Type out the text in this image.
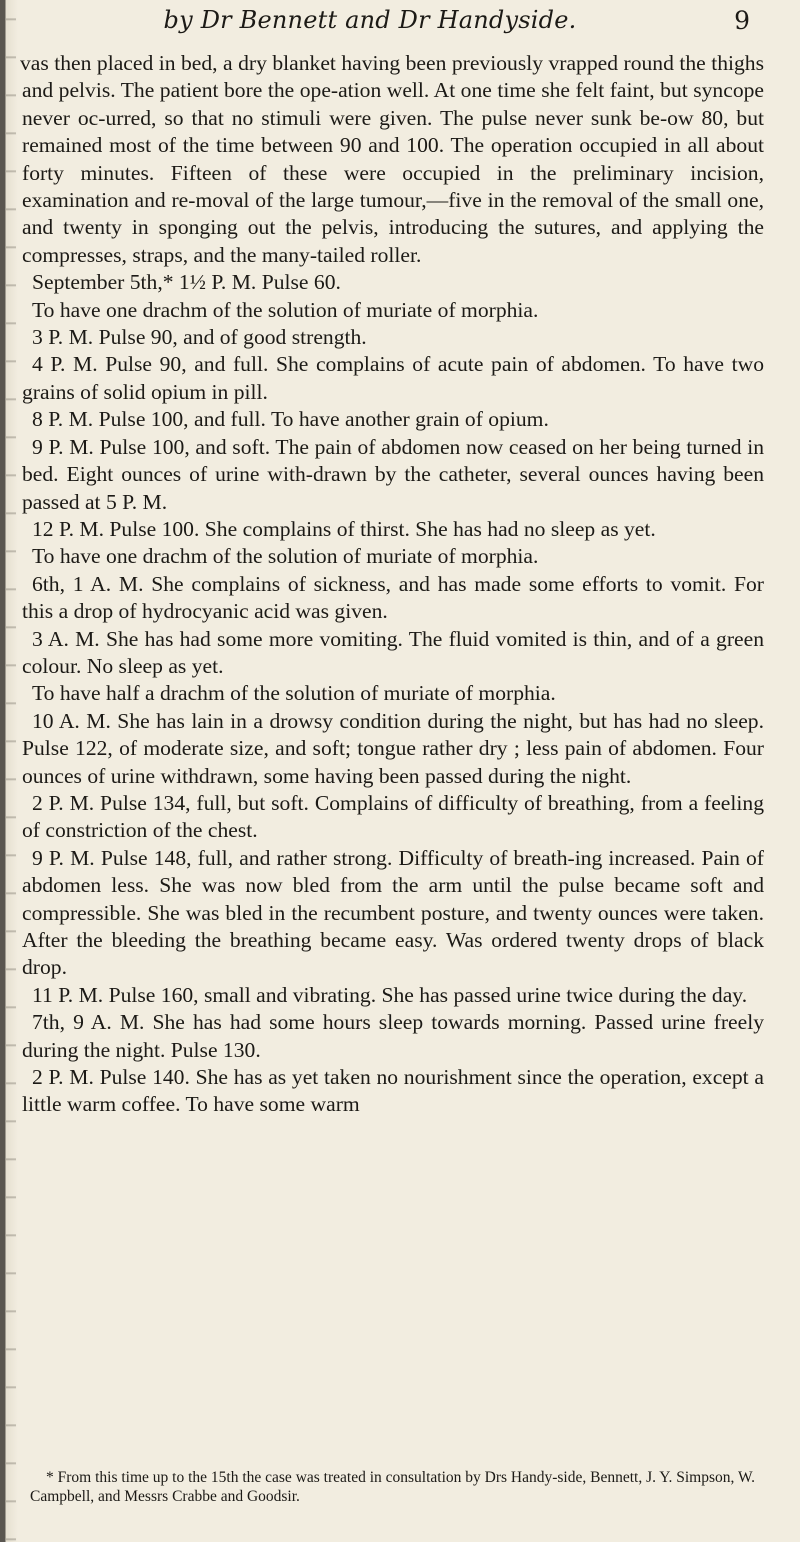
by Dr Bennett and Dr Handyside.	9

vas then placed in bed, a dry blanket having been previously vrapped round the thighs and pelvis. The patient bore the ope-ation well. At one time she felt faint, but syncope never oc-urred, so that no stimuli were given. The pulse never sunk be-ow 80, but remained most of the time between 90 and 100. The operation occupied in all about forty minutes. Fifteen of these were occupied in the preliminary incision, examination and re-moval of the large tumour,—five in the removal of the small one, and twenty in sponging out the pelvis, introducing the sutures, and applying the compresses, straps, and the many-tailed roller.

September 5th,* 1½ P. M. Pulse 60.

To have one drachm of the solution of muriate of morphia.

3 P. M. Pulse 90, and of good strength.

4 P. M. Pulse 90, and full. She complains of acute pain of abdomen. To have two grains of solid opium in pill.

8 P. M. Pulse 100, and full. To have another grain of opium.

9 P. M. Pulse 100, and soft. The pain of abdomen now ceased on her being turned in bed. Eight ounces of urine with-drawn by the catheter, several ounces having been passed at 5 P. M.

12 P. M. Pulse 100. She complains of thirst. She has had no sleep as yet.

To have one drachm of the solution of muriate of morphia.

6th, 1 A. M. She complains of sickness, and has made some efforts to vomit. For this a drop of hydrocyanic acid was given.

3 A. M. She has had some more vomiting. The fluid vomited is thin, and of a green colour. No sleep as yet.

To have half a drachm of the solution of muriate of morphia.

10 A. M. She has lain in a drowsy condition during the night, but has had no sleep. Pulse 122, of moderate size, and soft; tongue rather dry ; less pain of abdomen. Four ounces of urine withdrawn, some having been passed during the night.

2 P. M. Pulse 134, full, but soft. Complains of difficulty of breathing, from a feeling of constriction of the chest.

9 P. M. Pulse 148, full, and rather strong. Difficulty of breath-ing increased. Pain of abdomen less. She was now bled from the arm until the pulse became soft and compressible. She was bled in the recumbent posture, and twenty ounces were taken. After the bleeding the breathing became easy. Was ordered twenty drops of black drop.

11 P. M. Pulse 160, small and vibrating. She has passed urine twice during the day.

7th, 9 A. M. She has had some hours sleep towards morning. Passed urine freely during the night. Pulse 130.

2 P. M. Pulse 140. She has as yet taken no nourishment since the operation, except a little warm coffee. To have some warm

* From this time up to the 15th the case was treated in consultation by Drs Handy-side, Bennett, J. Y. Simpson, W. Campbell, and Messrs Crabbe and Goodsir.
